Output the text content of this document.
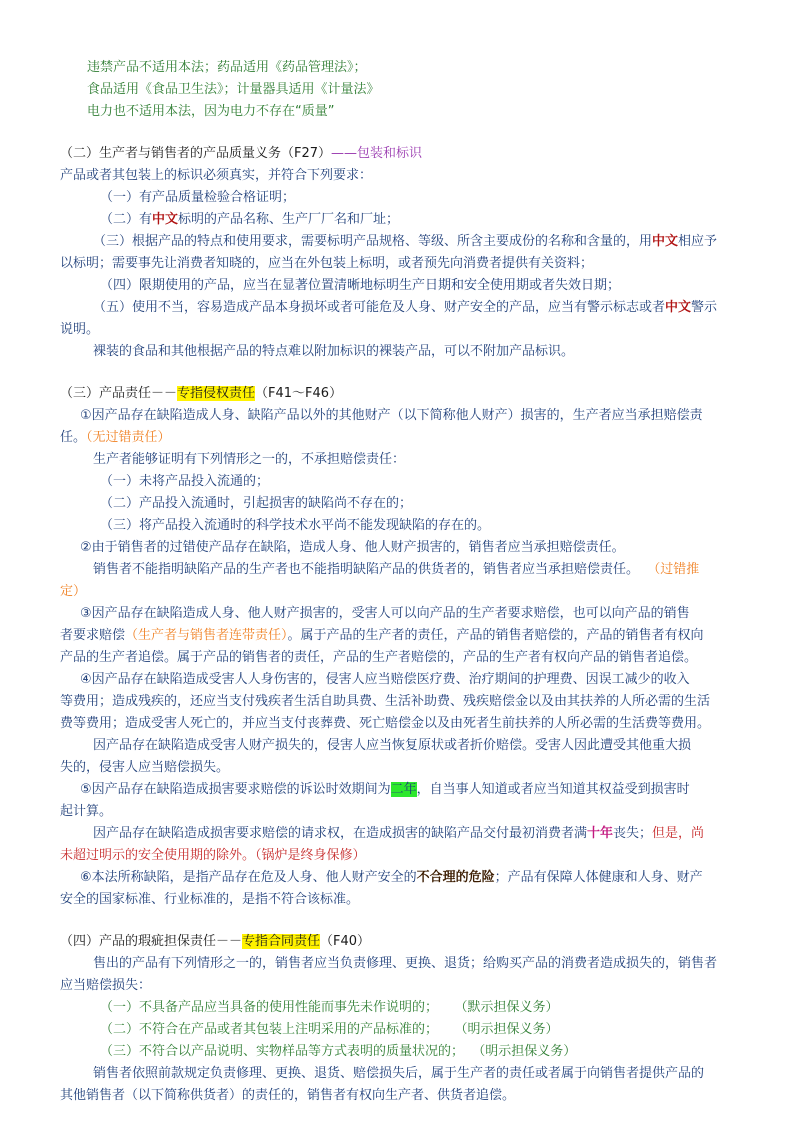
违禁产品不适用本法；药品适用《药品管理法》；
食品适用《食品卫生法》；计量器具适用《计量法》
电力也不适用本法，因为电力不存在“质量”
（二）生产者与销售者的产品质量义务（F27）——包装和标识
产品或者其包装上的标识必须真实，并符合下列要求：
（一）有产品质量检验合格证明；
（二）有中文标明的产品名称、生产厂厂名和厂址；
（三）根据产品的特点和使用要求，需要标明产品规格、等级、所含主要成份的名称和含量的，用中文相应予
以标明；需要事先让消费者知晓的，应当在外包装上标明，或者预先向消费者提供有关资料；
（四）限期使用的产品，应当在显著位置清晰地标明生产日期和安全使用期或者失效日期；
（五）使用不当，容易造成产品本身损坏或者可能危及人身、财产安全的产品，应当有警示标志或者中文警示
说明。
裸装的食品和其他根据产品的特点难以附加标识的裸装产品，可以不附加产品标识。
（三）产品责任－－专指侵权责任（F41～F46）
①因产品存在缺陷造成人身、缺陷产品以外的其他财产（以下简称他人财产）损害的，生产者应当承担赔偿责
任。（无过错责任）
生产者能够证明有下列情形之一的，不承担赔偿责任：
（一）未将产品投入流通的；
（二）产品投入流通时，引起损害的缺陷尚不存在的；
（三）将产品投入流通时的科学技术水平尚不能发现缺陷的存在的。
②由于销售者的过错使产品存在缺陷，造成人身、他人财产损害的，销售者应当承担赔偿责任。
销售者不能指明缺陷产品的生产者也不能指明缺陷产品的供货者的，销售者应当承担赔偿责任。 （过错推
定）
③因产品存在缺陷造成人身、他人财产损害的，受害人可以向产品的生产者要求赔偿，也可以向产品的销售
者要求赔偿（生产者与销售者连带责任）。属于产品的生产者的责任，产品的销售者赔偿的，产品的销售者有权向
产品的生产者追偿。属于产品的销售者的责任，产品的生产者赔偿的，产品的生产者有权向产品的销售者追偿。
④因产品存在缺陷造成受害人人身伤害的，侵害人应当赔偿医疗费、治疗期间的护理费、因误工减少的收入
等费用；造成残疾的，还应当支付残疾者生活自助具费、生活补助费、残疾赔偿金以及由其扶养的人所必需的生活
费等费用；造成受害人死亡的，并应当支付丧葬费、死亡赔偿金以及由死者生前扶养的人所必需的生活费等费用。
因产品存在缺陷造成受害人财产损失的，侵害人应当恢复原状或者折价赔偿。受害人因此遭受其他重大损
失的，侵害人应当赔偿损失。
⑤因产品存在缺陷造成损害要求赔偿的诉讼时效期间为二年，自当事人知道或者应当知道其权益受到损害时
起计算。
因产品存在缺陷造成损害要求赔偿的请求权，在造成损害的缺陷产品交付最初消费者满十年丧失；但是，尚
未超过明示的安全使用期的除外。（锅炉是终身保修）
⑥本法所称缺陷，是指产品存在危及人身、他人财产安全的不合理的危险；产品有保障人体健康和人身、财产
安全的国家标准、行业标准的，是指不符合该标准。
（四）产品的瑕疵担保责任－－专指合同责任（F40）
售出的产品有下列情形之一的，销售者应当负责修理、更换、退货；给购买产品的消费者造成损失的，销售者
应当赔偿损失：
（一）不具备产品应当具备的使用性能而事先未作说明的； （默示担保义务）
（二）不符合在产品或者其包装上注明采用的产品标准的； （明示担保义务）
（三）不符合以产品说明、实物样品等方式表明的质量状况的； （明示担保义务）
销售者依照前款规定负责修理、更换、退货、赔偿损失后，属于生产者的责任或者属于向销售者提供产品的
其他销售者（以下简称供货者）的责任的，销售者有权向生产者、供货者追偿。
